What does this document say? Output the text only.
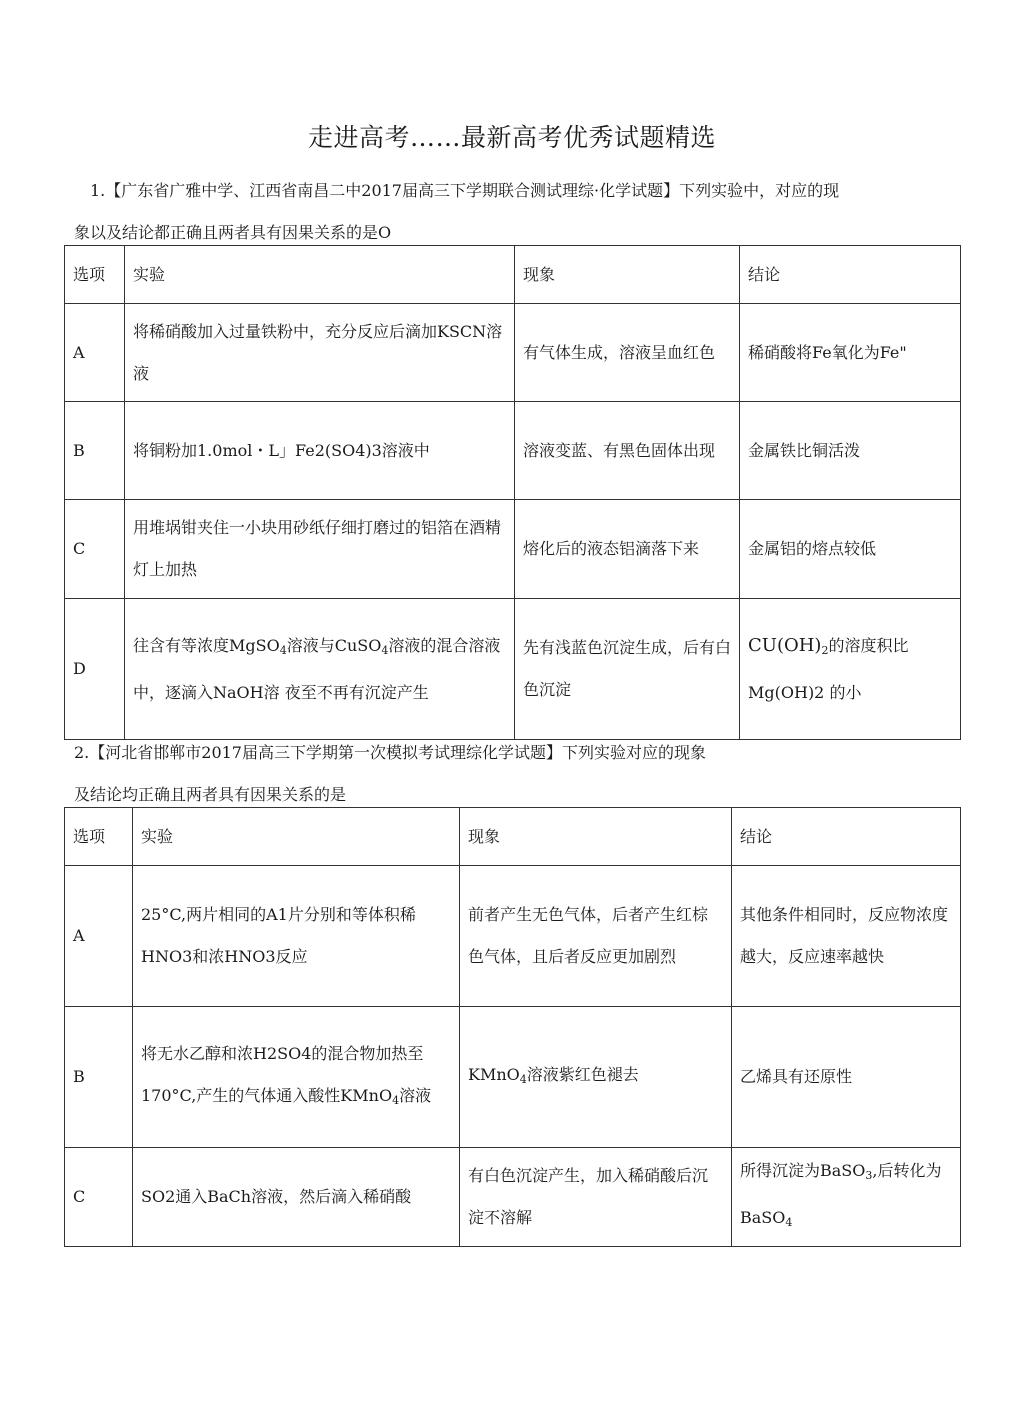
走进高考……最新高考优秀试题精选
1.【广东省广雅中学、江西省南昌二中2017届高三下学期联合测试理综·化学试题】下列实验中，对应的现
象以及结论都正确且两者具有因果关系的是O
选项	实验	现象	结论
A	将稀硝酸加入过量铁粉中，充分反应后滴加KSCN溶液	有气体生成，溶液呈血红色	稀硝酸将Fe氧化为Fe"
B	将铜粉加1.0mol・L」Fe2(SO4)3溶液中	溶液变蓝、有黑色固体出现	金属铁比铜活泼
C	用堆埚钳夹住一小块用砂纸仔细打磨过的铝箔在酒精灯上加热	熔化后的液态铝滴落下来	金属铝的熔点较低
D	往含有等浓度MgSO$_4$溶液与CuSO$_4$溶液的混合溶液中，逐滴入NaOH溶 夜至不再有沉淀产生	先有浅蓝色沉淀生成，后有白色沉淀	$CU(OH)_2$的溶度积比
Mg(OH)2 的小
2.【河北省邯郸市2017届高三下学期第一次模拟考试理综化学试题】下列实验对应的现象
及结论均正确且两者具有因果关系的是
选项	实验	现象	结论
A	25°C,两片相同的A1片分别和等体积稀HNO3和浓HNO3反应	前者产生无色气体，后者产生红棕色气体，且后者反应更加剧烈	其他条件相同时，反应物浓度越大，反应速率越快
B	将无水乙醇和浓H2SO4的混合物加热至170°C,产生的气体通入酸性KMnO$_4$溶液	KMnO$_4$溶液紫红色褪去	乙烯具有还原性
C	SO2通入BaCh溶液，然后滴入稀硝酸	有白色沉淀产生，加入稀硝酸后沉淀不溶解	所得沉淀为BaSO$_3$,后转化为BaSO$_4$
